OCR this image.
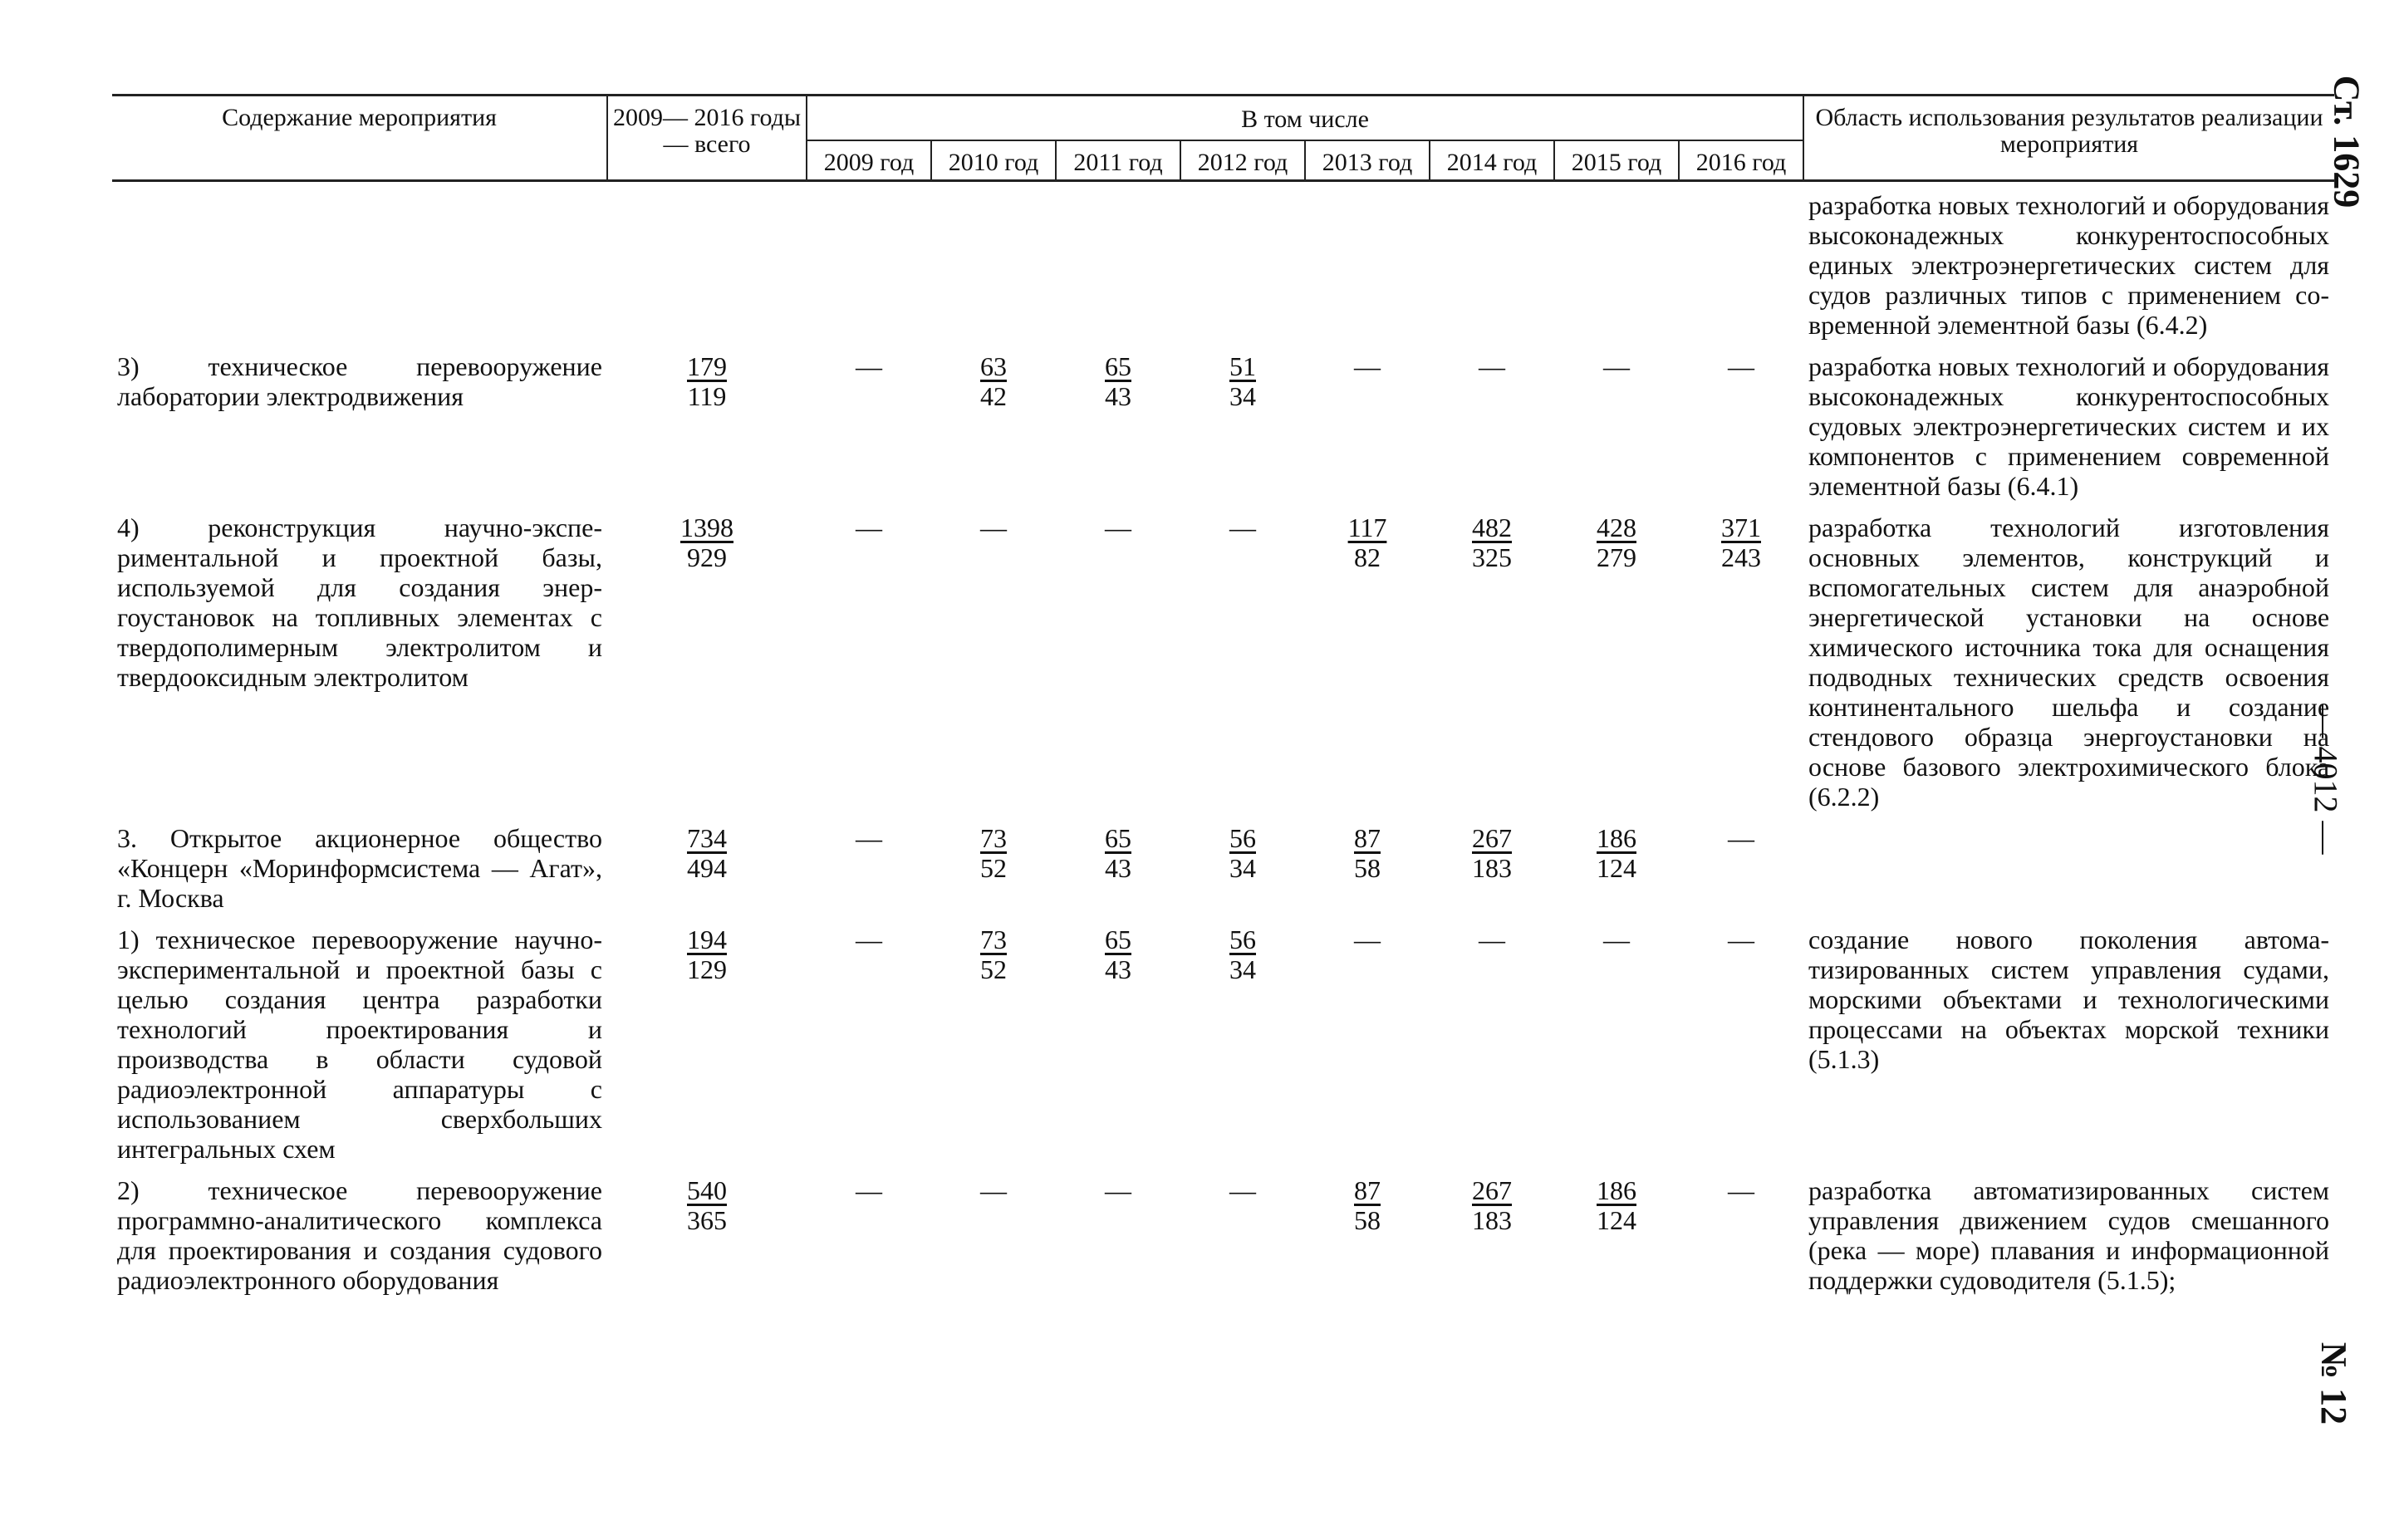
Содержание мероприятия	2009— 2016 годы — всего	В том числе								Область использования результатов реализации мероприятия
		2009 год	2010 год	2011 год	2012 год	2013 год	2014 год	2015 год	2016 год	
										разработка новых технологий и оборудования высоконадежных конкурентоспособных единых электроэнергетических систем для судов различных типов с применением современной элементной базы (6.4.2)
3) техническое перевооружение лаборатории электродвижения	$\frac{179}{119}$	—	$\frac{63}{42}$	$\frac{65}{43}$	$\frac{51}{34}$	—	—	—	—	разработка новых технологий и оборудования высоконадежных конкурентоспособных судовых электроэнергетических систем и их компонентов с применением современной элементной базы (6.4.1)
4) реконструкция научно-экспериментальной и проектной базы, используемой для создания энергоустановок на топливных элементах с твердополимерным электролитом и твердооксидным электролитом	$\frac{1398}{929}$	—	—	—	—	$\frac{117}{82}$	$\frac{482}{325}$	$\frac{428}{279}$	$\frac{371}{243}$	разработка технологий изготовления основных элементов, конструкций и вспомогательных систем для анаэробной энергетической установки на основе химического источника тока для оснащения подводных технических средств освоения континентального шельфа и создание стендового образца энергоустановки на основе базового электрохимического блока (6.2.2)
3. Открытое акционерное общество «Концерн «Моринформсистема — Агат», г. Москва	$\frac{734}{494}$	—	$\frac{73}{52}$	$\frac{65}{43}$	$\frac{56}{34}$	$\frac{87}{58}$	$\frac{267}{183}$	$\frac{186}{124}$	—	
1) техническое перевооружение научно-экспериментальной и проектной базы с целью создания центра разработки технологий проектирования и производства в области судовой радиоэлектронной аппаратуры с использованием сверхбольших интегральных схем	$\frac{194}{129}$	—	$\frac{73}{52}$	$\frac{65}{43}$	$\frac{56}{34}$	—	—	—	—	создание нового поколения автоматизированных систем управления судами, морскими объектами и технологическими процессами на объектах морской техники (5.1.3)
2) техническое перевооружение программно-аналитического комплекса для проектирования и создания судового радиоэлектронного оборудования	$\frac{540}{365}$	—	—	—	—	$\frac{87}{58}$	$\frac{267}{183}$	$\frac{186}{124}$	—	разработка автоматизированных систем управления движением судов смешанного (река — море) плавания и информационной поддержки судоводителя (5.1.5);
Ст. 1629
— 4012 —
№ 12
